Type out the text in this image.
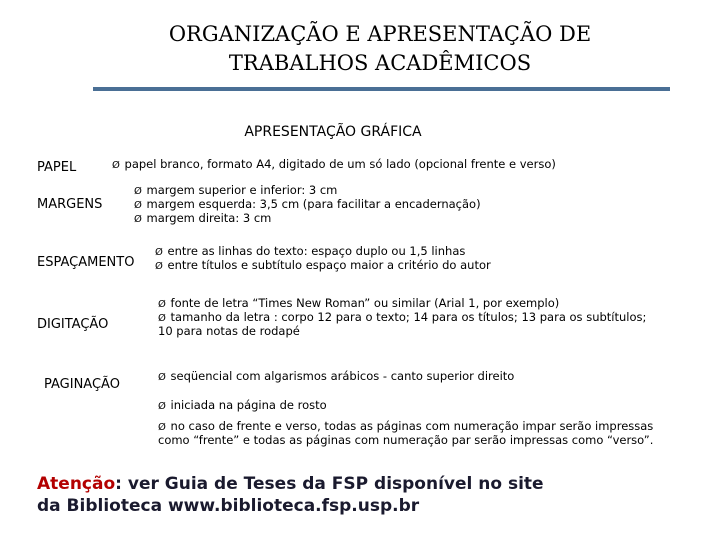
ORGANIZAÇÃO E APRESENTAÇÃO DE
TRABALHOS ACADÊMICOS
APRESENTAÇÃO GRÁFICA
PAPEL	Ø papel branco, formato A4, digitado de um só lado (opcional frente e verso)
MARGENS
Ø margem superior e inferior: 3 cm
Ø margem esquerda: 3,5 cm (para facilitar a encadernação)
Ø margem direita: 3 cm
ESPAÇAMENTO
Ø entre as linhas do texto: espaço duplo ou 1,5 linhas
Ø entre títulos e subtítulo espaço maior a critério do autor
DIGITAÇÃO
Ø fonte de letra “Times New Roman” ou similar (Arial 1, por exemplo)
Ø tamanho da letra : corpo 12 para o texto; 14 para os títulos; 13 para os subtítulos;
10 para notas de rodapé
PAGINAÇÃO	Ø seqüencial com algarismos arábicos - canto superior direito
Ø iniciada na página de rosto
Ø no caso de frente e verso, todas as páginas com numeração impar serão impressas
como “frente” e todas as páginas com numeração par serão impressas como “verso”.
Atenção: ver Guia de Teses da FSP disponível no site
da Biblioteca www.biblioteca.fsp.usp.br
